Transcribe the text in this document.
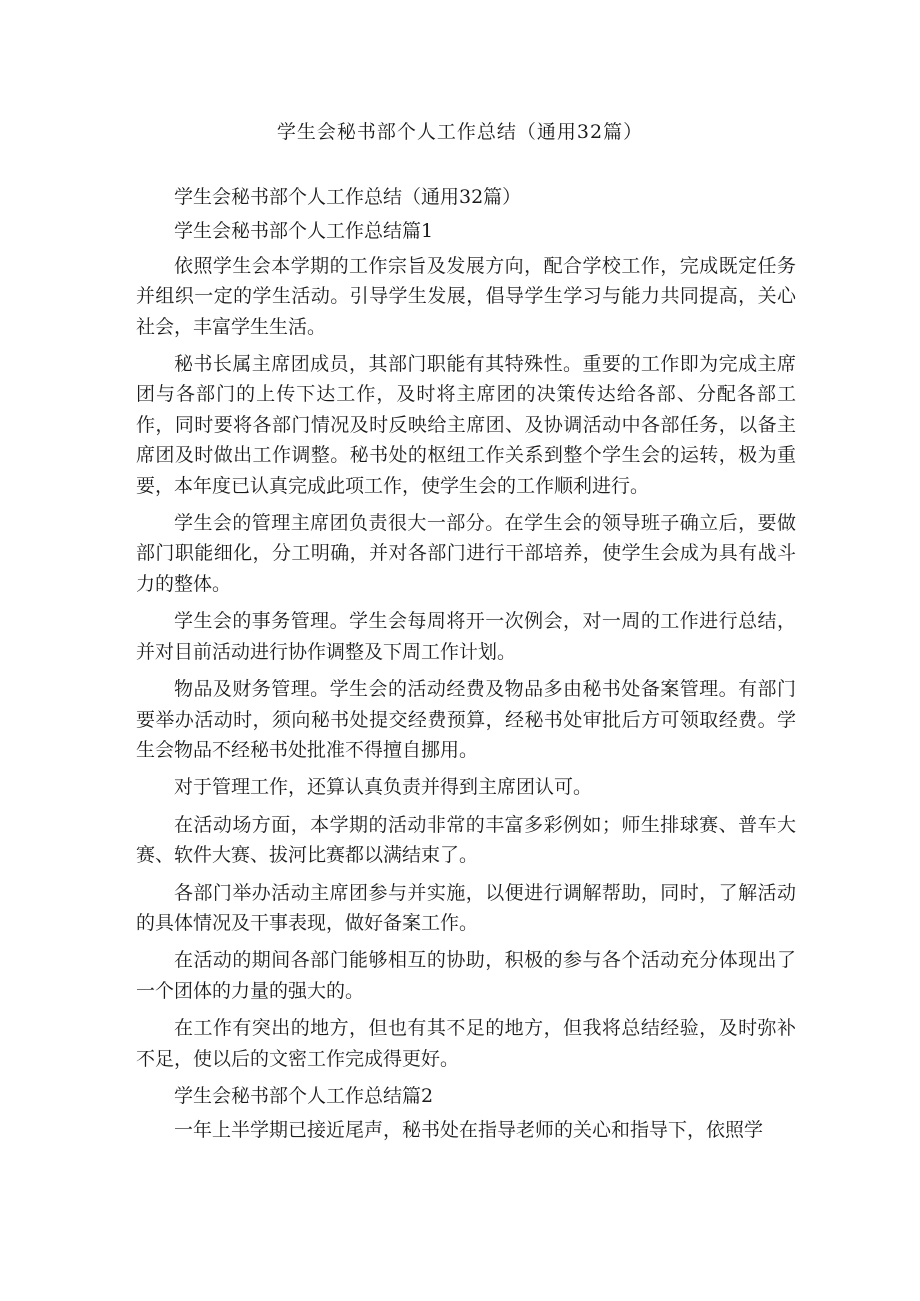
学生会秘书部个人工作总结（通用32篇）

学生会秘书部个人工作总结（通用32篇）

学生会秘书部个人工作总结篇1

依照学生会本学期的工作宗旨及发展方向，配合学校工作，完成既定任务并组织一定的学生活动。引导学生发展，倡导学生学习与能力共同提高，关心社会，丰富学生生活。

秘书长属主席团成员，其部门职能有其特殊性。重要的工作即为完成主席团与各部门的上传下达工作，及时将主席团的决策传达给各部、分配各部工作，同时要将各部门情况及时反映给主席团、及协调活动中各部任务，以备主席团及时做出工作调整。秘书处的枢纽工作关系到整个学生会的运转，极为重要，本年度已认真完成此项工作，使学生会的工作顺利进行。

学生会的管理主席团负责很大一部分。在学生会的领导班子确立后，要做部门职能细化，分工明确，并对各部门进行干部培养，使学生会成为具有战斗力的整体。

学生会的事务管理。学生会每周将开一次例会，对一周的工作进行总结，并对目前活动进行协作调整及下周工作计划。

物品及财务管理。学生会的活动经费及物品多由秘书处备案管理。有部门要举办活动时，须向秘书处提交经费预算，经秘书处审批后方可领取经费。学生会物品不经秘书处批准不得擅自挪用。

对于管理工作，还算认真负责并得到主席团认可。

在活动场方面，本学期的活动非常的丰富多彩例如；师生排球赛、普车大赛、软件大赛、拔河比赛都以满结束了。

各部门举办活动主席团参与并实施，以便进行调解帮助，同时，了解活动的具体情况及干事表现，做好备案工作。

在活动的期间各部门能够相互的协助，积极的参与各个活动充分体现出了一个团体的力量的强大的。

在工作有突出的地方，但也有其不足的地方，但我将总结经验，及时弥补不足，使以后的文密工作完成得更好。

学生会秘书部个人工作总结篇2

一年上半学期已接近尾声，秘书处在指导老师的关心和指导下，依照学
